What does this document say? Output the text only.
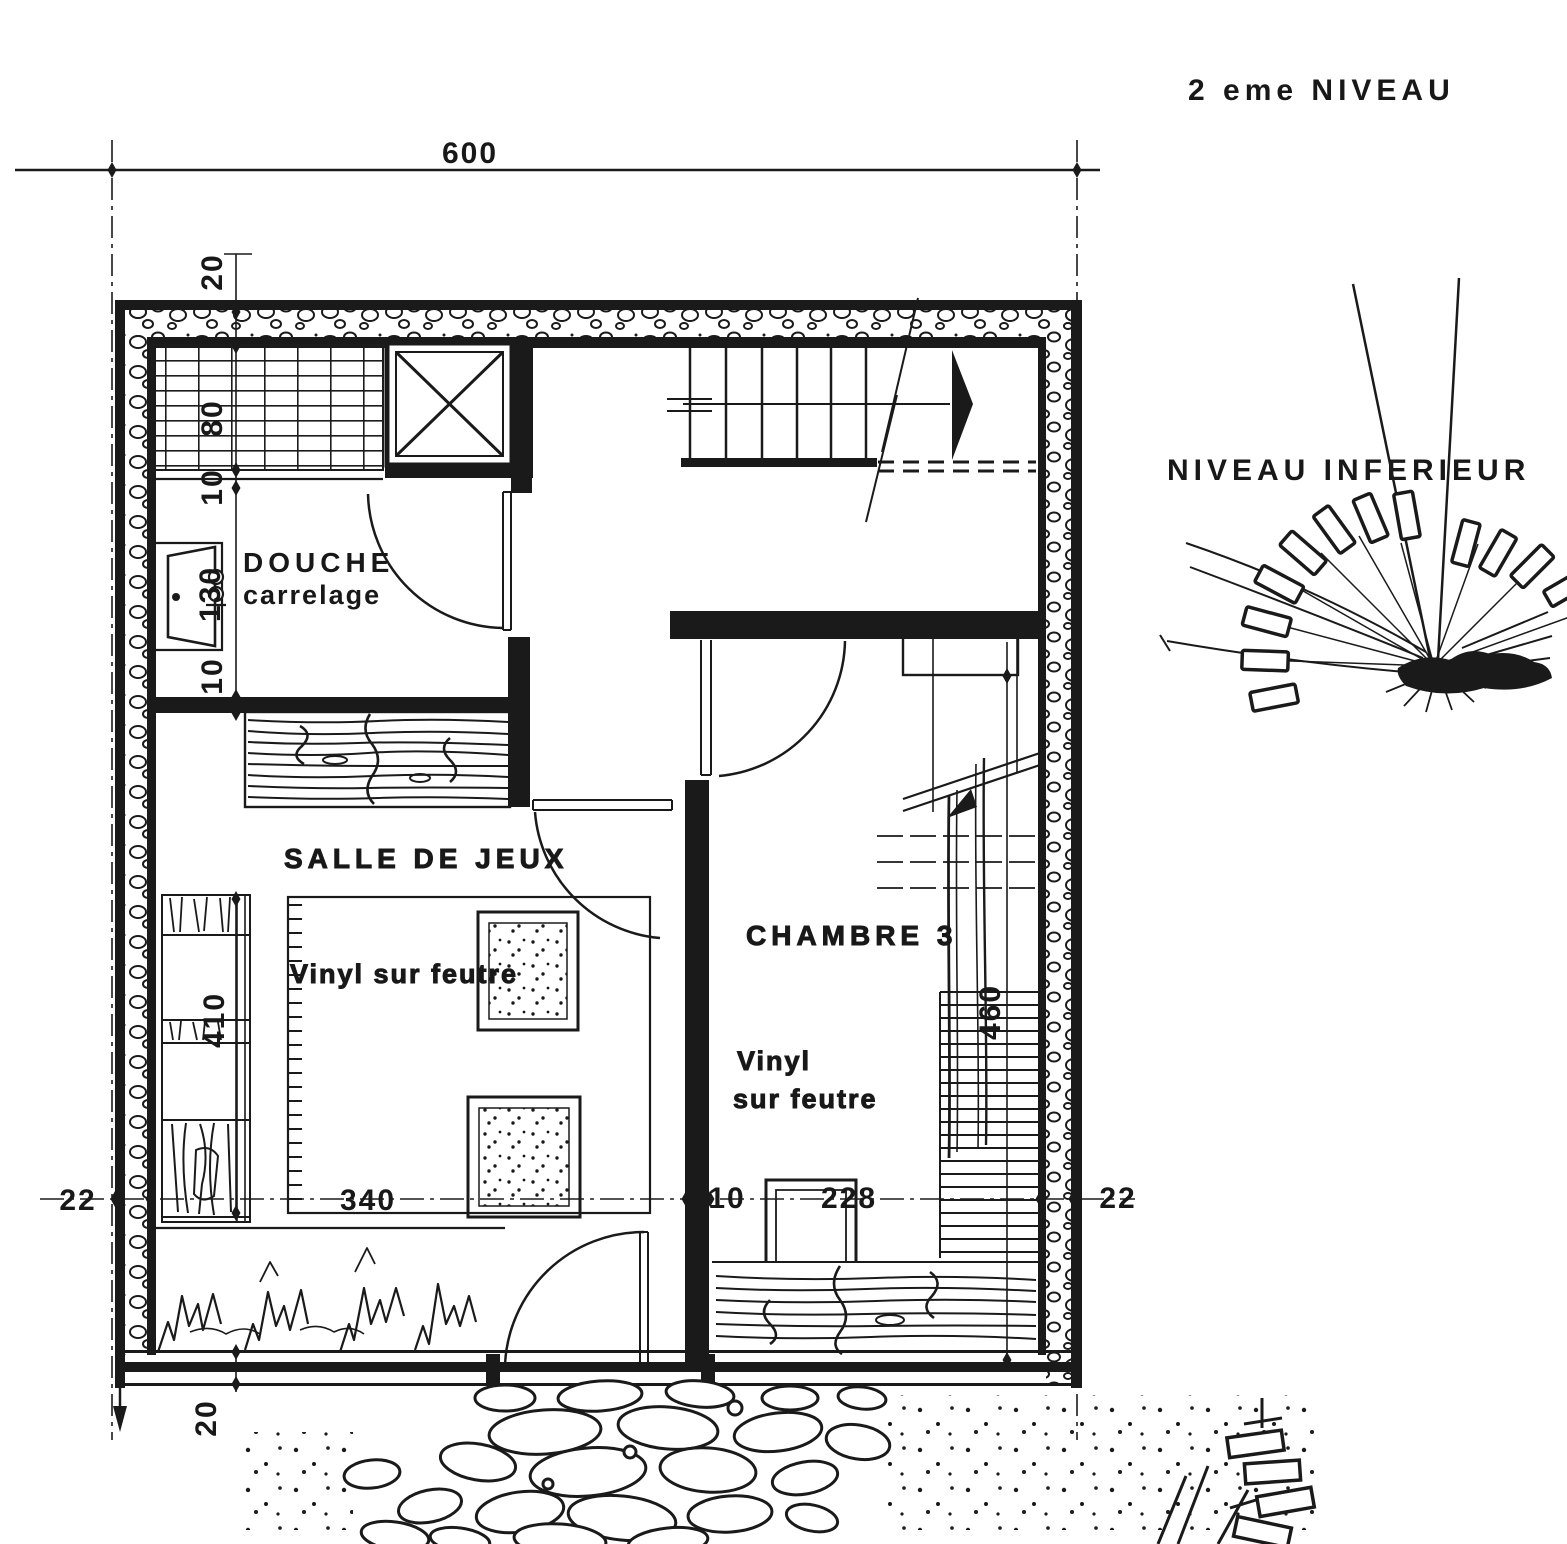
600
DOUCHE
carrelage
SALLE DE JEUX
Vinyl sur feutre
CHAMBRE 3
Vinyl
sur feutre
20
80
10
130
10
410
20
22	340	10	228	22
460
2 eme NIVEAU
NIVEAU INFERIEUR
